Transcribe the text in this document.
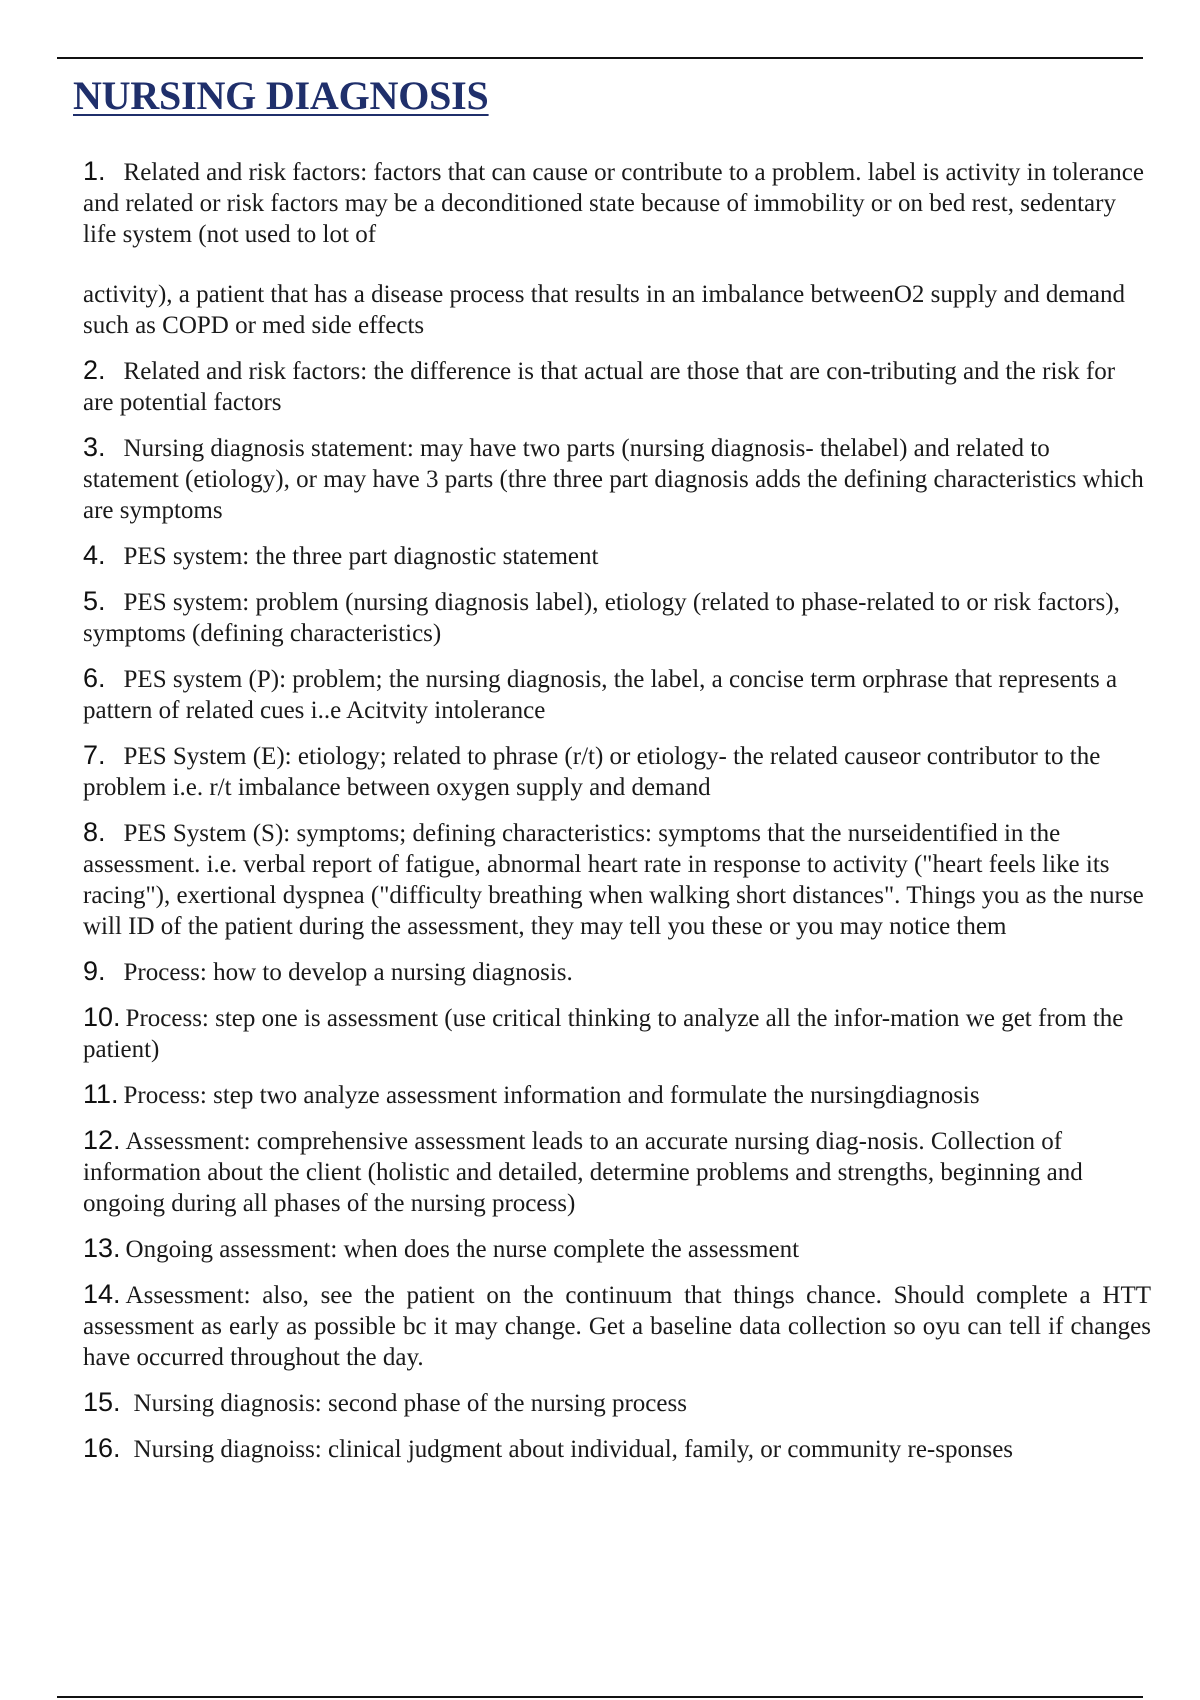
NURSING DIAGNOSIS
1. Related and risk factors: factors that can cause or contribute to a problem. label is activity in tolerance and related or risk factors may be a deconditioned state because of immobility or on bed rest, sedentary life system (not used to lot of
activity), a patient that has a disease process that results in an imbalance betweenO2 supply and demand such as COPD or med side effects
2. Related and risk factors: the difference is that actual are those that are con-tributing and the risk for are potential factors
3. Nursing diagnosis statement: may have two parts (nursing diagnosis- thelabel) and related to statement (etiology), or may have 3 parts (thre three part diagnosis adds the defining characteristics which are symptoms
4. PES system: the three part diagnostic statement
5. PES system: problem (nursing diagnosis label), etiology (related to phase-related to or risk factors), symptoms (defining characteristics)
6. PES system (P): problem; the nursing diagnosis, the label, a concise term orphrase that represents a pattern of related cues i..e Acitvity intolerance
7. PES System (E): etiology; related to phrase (r/t) or etiology- the related causeor contributor to the problem i.e. r/t imbalance between oxygen supply and demand
8. PES System (S): symptoms; defining characteristics: symptoms that the nurseidentified in the assessment. i.e. verbal report of fatigue, abnormal heart rate in response to activity ("heart feels like its racing"), exertional dyspnea ("difficulty breathing when walking short distances". Things you as the nurse will ID of the patient during the assessment, they may tell you these or you may notice them
9. Process: how to develop a nursing diagnosis.
10. Process: step one is assessment (use critical thinking to analyze all the infor-mation we get from the patient)
11. Process: step two analyze assessment information and formulate the nursingdiagnosis
12. Assessment: comprehensive assessment leads to an accurate nursing diag-nosis. Collection of information about the client (holistic and detailed, determine problems and strengths, beginning and ongoing during all phases of the nursing process)
13. Ongoing assessment: when does the nurse complete the assessment
14. Assessment: also, see the patient on the continuum that things chance. Should complete a HTT assessment as early as possible bc it may change. Get a baseline data collection so oyu can tell if changes have occurred throughout the day.
15. Nursing diagnosis: second phase of the nursing process
16. Nursing diagnoiss: clinical judgment about individual, family, or community re-sponses
